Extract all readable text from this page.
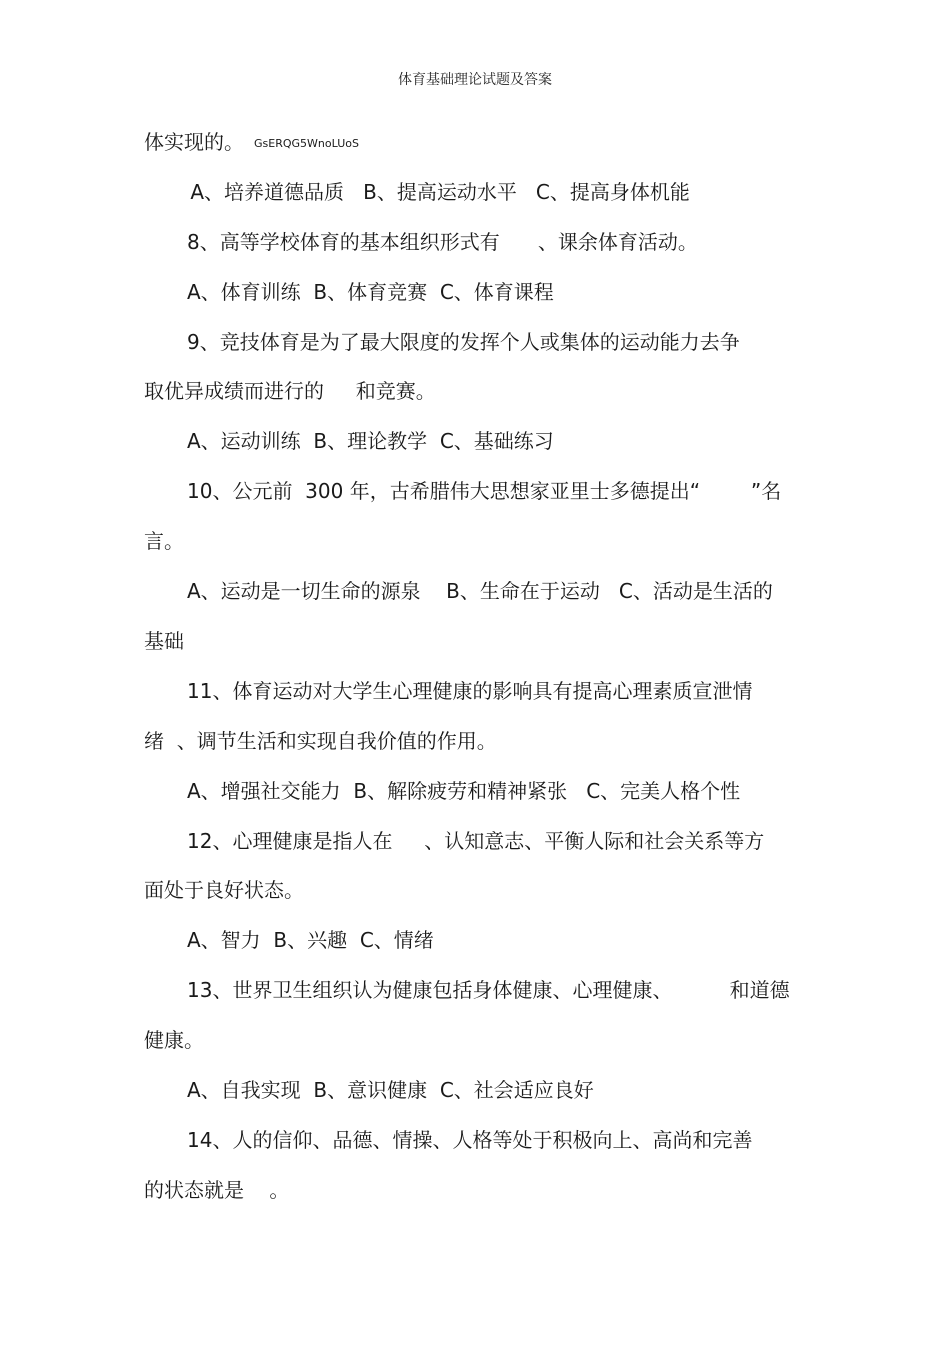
体育基础理论试题及答案
体实现的。 GsERQG5WnoLUoS
A、培养道德品质   B、提高运动水平   C、提高身体机能
8、高等学校体育的基本组织形式有      、课余体育活动。
A、体育训练  B、体育竞赛  C、体育课程
9、竞技体育是为了最大限度的发挥个人或集体的运动能力去争
取优异成绩而进行的     和竞赛。
A、运动训练  B、理论教学  C、基础练习
10、公元前  300 年，古希腊伟大思想家亚里士多德提出“        ”名
言。
A、运动是一切生命的源泉    B、生命在于运动   C、活动是生活的
基础
11、体育运动对大学生心理健康的影响具有提高心理素质宣泄情
绪  、调节生活和实现自我价值的作用。
A、增强社交能力  B、解除疲劳和精神紧张   C、完美人格个性
12、心理健康是指人在     、认知意志、平衡人际和社会关系等方
面处于良好状态。
A、智力  B、兴趣  C、情绪
13、世界卫生组织认为健康包括身体健康、心理健康、         和道德
健康。
A、自我实现  B、意识健康  C、社会适应良好
14、人的信仰、品德、情操、人格等处于积极向上、高尚和完善
的状态就是    。
